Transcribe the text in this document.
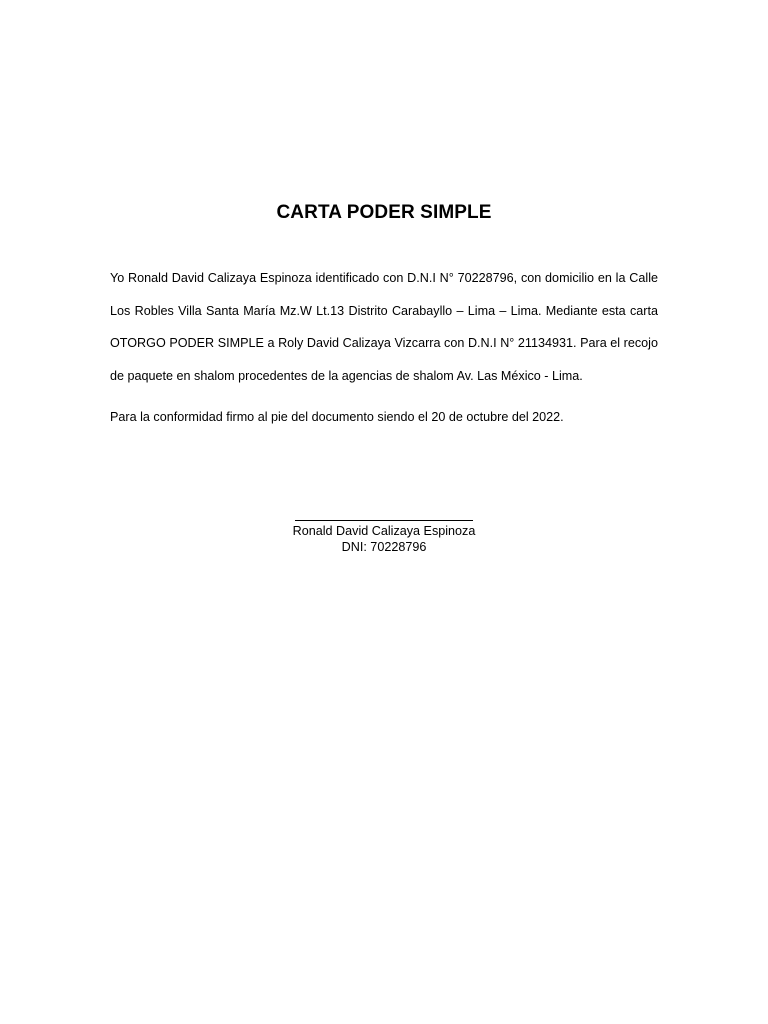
CARTA PODER SIMPLE
Yo Ronald David Calizaya Espinoza identificado con D.N.I N° 70228796, con domicilio en la Calle Los Robles Villa Santa María Mz.W Lt.13 Distrito Carabayllo – Lima – Lima. Mediante esta carta OTORGO PODER SIMPLE a Roly David Calizaya Vizcarra con D.N.I N° 21134931. Para el recojo de paquete en shalom procedentes de la agencias de shalom Av. Las México - Lima.
Para la conformidad firmo al pie del documento siendo el 20 de octubre del 2022.
Ronald David Calizaya Espinoza
DNI: 70228796
